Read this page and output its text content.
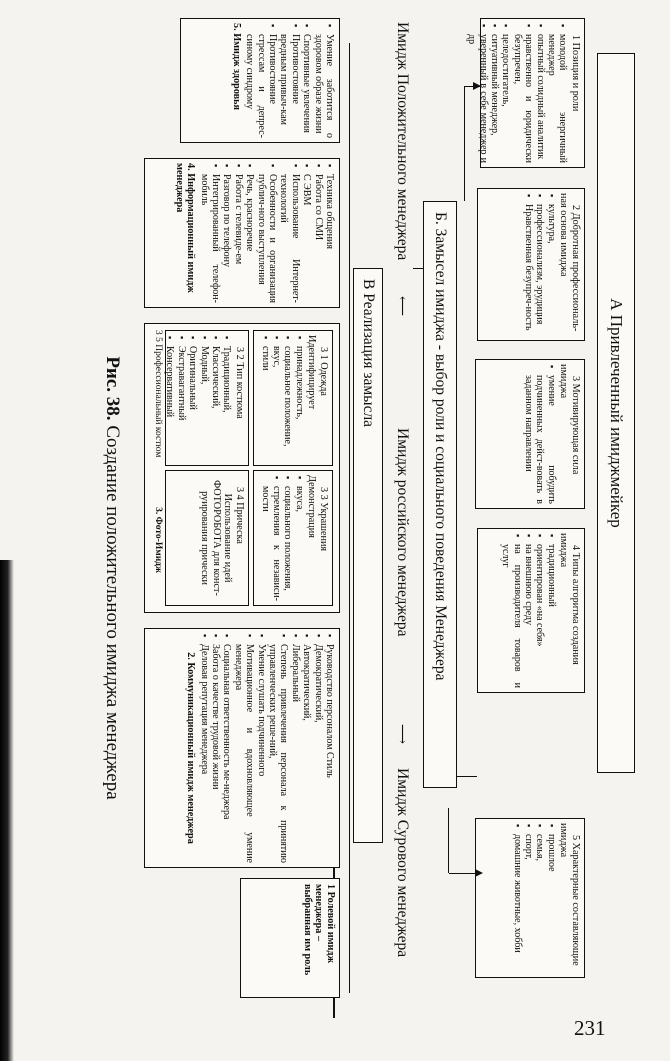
А Привлеченный имиджмейкер
1 Позиция и роли
▪ молодой энергичный менеджер
▪ опытный солидный аналитик
▪ нравственно и юридически безупречен,
▪ целедостигатель,
▪ ситуативный менеджер,
▪ уверенный в себе менеджер и др
2 Добротная профессиональ-ная основа имиджа
▪ культура,
▪ профессионализм, эрудиция
▪ Нравственная безупреч-ность
3 Мотивирующая сила имиджа
▪ умение побудить подчиненных дейст-вовать в заданном направлении
4 Типы алгоритма создания имиджа
▪ традиционный
▪ ориентирован «на себя»
▪ на внешнюю среду
▪ на производителя товаров и услуг
5 Характерные составляющие имиджа
▪ прошлое
▪ семья,
▪ спорт,
▪ домашние животные, хобби
Б. Замысел имиджа - выбор роли и социального поведения Менеджера
Имидж Положительного менеджера
⟵
Имидж российского менеджера
⟶
Имидж Сурового менеджера
В Реализация замысла
1 Ролевой имидж менеджера – выбранная им роль
▪ Руководство персоналом Стиль
▪ Демократический,
▪ Автократический,
▪ Либеральный
▪ Степень привлечения персонала к принятию управленческих реше-ний,
▪ Умение слушать подчиненного
▪ Мотивационное и вдохновляющее умение менеджера
▪ Социальная ответственность ме-неджера
▪ Забота о качестве трудовой жизни
▪ Деловая репутация менеджера
2. Коммуникационный имидж менеджера
3 1 Одежда Идентифицирует
▪ принадлежность,
▪ социальное положение,
▪ вкус,
▪ стили
3 3 Украшения Демонстрация
▪ вкуса,
▪ социального положения,
▪ стремления к независи-мости
3 2 Тип костюма
▪ Традиционный,
▪ Классический,
▪ Модный,
▪ Оригинальный
▪ Экстравагантный
▪ Консервативный
3 4 Прическа
Использование идей ФОТОРОБОТА для конст-руирования прически
3 5 Профессиональный костюм
3. Фото-Имидж
▪ Техника общения
▪ Работа со СМИ
▪ С ЭВМ
▪ Использование Интернет-технологий
▪ Особенности и организация публич-ного выступления
▪ Речь, красноречие
▪ Работа с телевиде-ем
▪ Разговор по телефону
▪ Интегрированный телефон-мобиль
4. Информационный имидж менеджера
▪ Умение заботится о здоровом образе жизни
▪ Спортивные увлечения
▪ Противостояние вредным привыч-кам
▪ Противостояние стрессам и депрес-синому синдрому
5. Имидж здоровья
Рис. 38. Создание положительного имиджа менеджера
231
